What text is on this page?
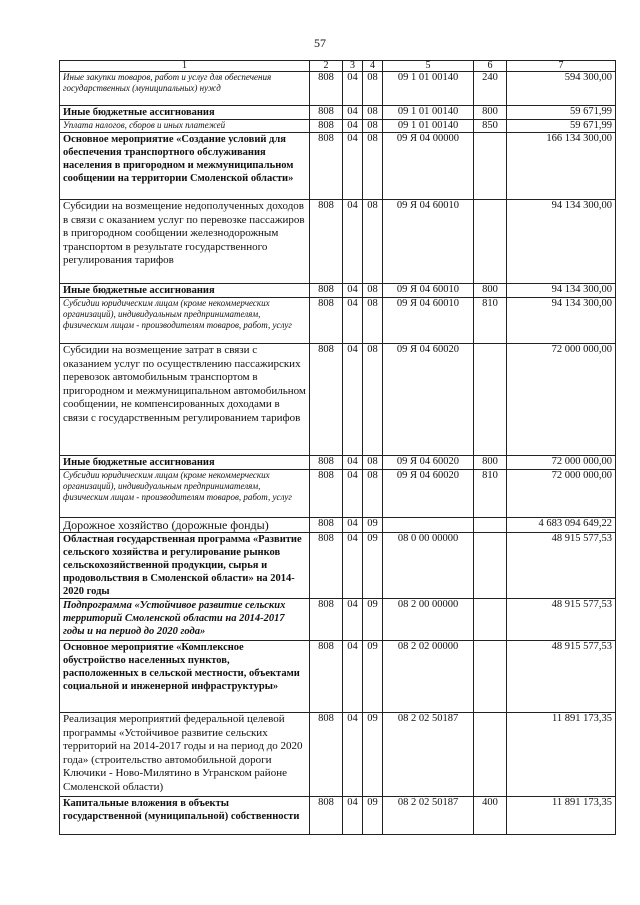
57
1	2	3	4	5	6	7
Иные закупки товаров, работ и услуг для обеспечения государственных (муниципальных) нужд	808	04	08	09 1 01 00140	240	594 300,00
Иные бюджетные ассигнования	808	04	08	09 1 01 00140	800	59 671,99
Уплата налогов, сборов и иных платежей	808	04	08	09 1 01 00140	850	59 671,99
Основное мероприятие «Создание условий для обеспечения транспортного обслуживания населения в пригородном и межмуниципальном сообщении на территории Смоленской области»	808	04	08	09 Я 04 00000		166 134 300,00
Субсидии на возмещение недополученных доходов в связи с оказанием услуг по перевозке пассажиров в пригородном сообщении железнодорожным транспортом в результате государственного регулирования тарифов	808	04	08	09 Я 04 60010		94 134 300,00
Иные бюджетные ассигнования	808	04	08	09 Я 04 60010	800	94 134 300,00
Субсидии юридическим лицам (кроме некоммерческих организаций), индивидуальным предпринимателям, физическим лицам - производителям товаров, работ, услуг	808	04	08	09 Я 04 60010	810	94 134 300,00
Субсидии на возмещение затрат в связи с оказанием услуг по осуществлению пассажирских перевозок автомобильным транспортом в пригородном и межмуниципальном автомобильном сообщении, не компенсированных доходами в связи с государственным регулированием тарифов	808	04	08	09 Я 04 60020		72 000 000,00
Иные бюджетные ассигнования	808	04	08	09 Я 04 60020	800	72 000 000,00
Субсидии юридическим лицам (кроме некоммерческих организаций), индивидуальным предпринимателям, физическим лицам - производителям товаров, работ, услуг	808	04	08	09 Я 04 60020	810	72 000 000,00
Дорожное хозяйство (дорожные фонды)	808	04	09			4 683 094 649,22
Областная государственная программа «Развитие сельского хозяйства и регулирование рынков сельскохозяйственной продукции, сырья и продовольствия в Смоленской области» на 2014-2020 годы	808	04	09	08 0 00 00000		48 915 577,53
Подпрограмма «Устойчивое развитие сельских территорий Смоленской области на 2014-2017 годы и на период до 2020 года»	808	04	09	08 2 00 00000		48 915 577,53
Основное мероприятие «Комплексное обустройство населенных пунктов, расположенных в сельской местности, объектами социальной и инженерной инфраструктуры»	808	04	09	08 2 02 00000		48 915 577,53
Реализация мероприятий федеральной целевой программы «Устойчивое развитие сельских территорий на 2014-2017 годы и на период до 2020 года» (строительство автомобильной дороги Ключики - Ново-Милятино в Угранском районе Смоленской области)	808	04	09	08 2 02 50187		11 891 173,35
Капитальные вложения в объекты государственной (муниципальной) собственности	808	04	09	08 2 02 50187	400	11 891 173,35
